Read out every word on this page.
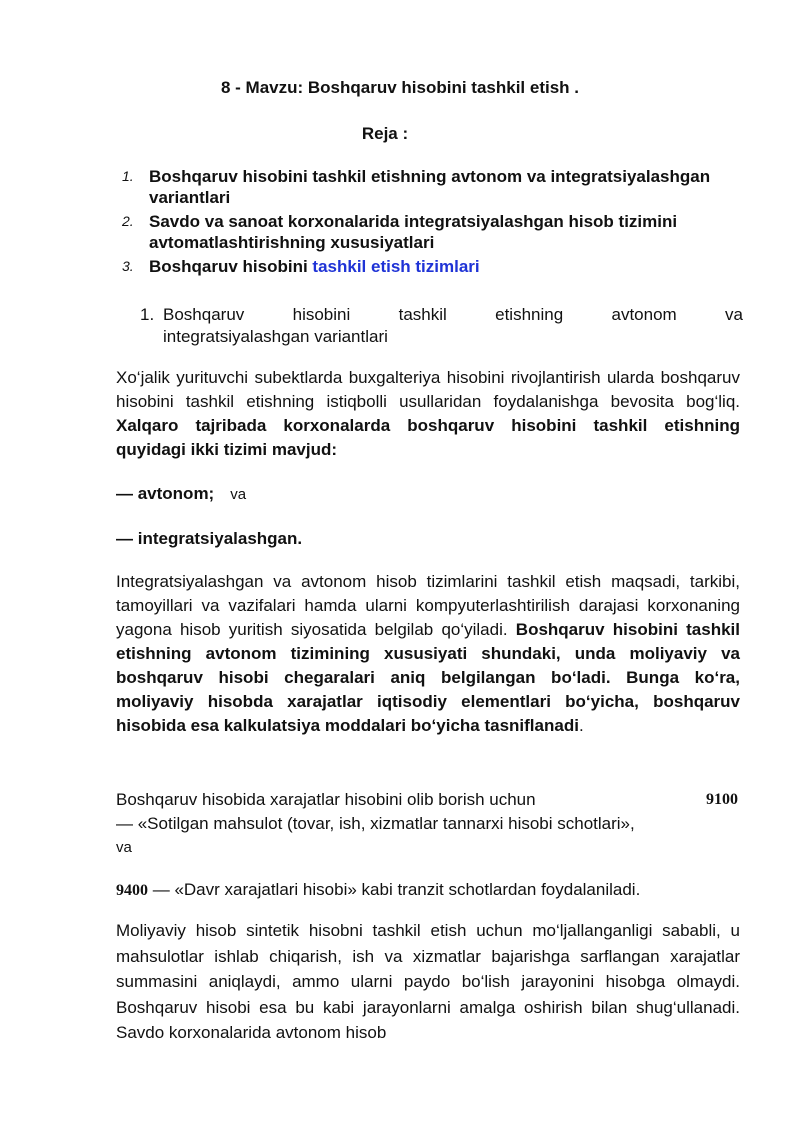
8 - Mavzu: Boshqaruv hisobini tashkil etish .
Reja :
1. Boshqaruv hisobini tashkil etishning avtonom va integratsiyalashgan variantlari
2. Savdo va sanoat korxonalarida integratsiyalashgan hisob tizimini avtomatlashtirishning xususiyatlari
3. Boshqaruv hisobini tashkil etish tizimlari
1. Boshqaruv hisobini tashkil etishning avtonom va
integratsiyalashgan variantlari
Xo‘jalik yurituvchi subektlarda buxgalteriya hisobini rivojlantirish ularda boshqaruv hisobini tashkil etishning istiqbolli usullaridan foydalanishga bevosita bog‘liq. Xalqaro tajribada korxonalarda boshqaruv hisobini tashkil etishning quyidagi ikki tizimi mavjud:
— avtonom; va
— integratsiyalashgan.
Integratsiyalashgan va avtonom hisob tizimlarini tashkil etish maqsadi, tarkibi, tamoyillari va vazifalari hamda ularni kompyuterlashtirilish darajasi korxonaning yagona hisob yuritish siyosatida belgilab qo‘yiladi. Boshqaruv hisobini tashkil etishning avtonom tizimining xususiyati shundaki, unda moliyaviy va boshqaruv hisobi chegaralari aniq belgilangan bo‘ladi. Bunga ko‘ra, moliyaviy hisobda xarajatlar iqtisodiy elementlari bo‘yicha, boshqaruv hisobida esa kalkulatsiya moddalari bo‘yicha tasniflanadi.
Boshqaruv hisobida xarajatlar hisobini olib borish uchun	9100
— «Sotilgan mahsulot (tovar, ish, xizmatlar tannarxi hisobi schotlari»,
va
9400 — «Davr xarajatlari hisobi» kabi tranzit schotlardan foydalaniladi.
Moliyaviy hisob sintetik hisobni tashkil etish uchun mo‘ljallanganligi sababli, u mahsulotlar ishlab chiqarish, ish va xizmatlar bajarishga sarflangan xarajatlar summasini aniqlaydi, ammo ularni paydo bo‘lish jarayonini hisobga olmaydi. Boshqaruv hisobi esa bu kabi jarayonlarni amalga oshirish bilan shug‘ullanadi. Savdo korxonalarida avtonom hisob
